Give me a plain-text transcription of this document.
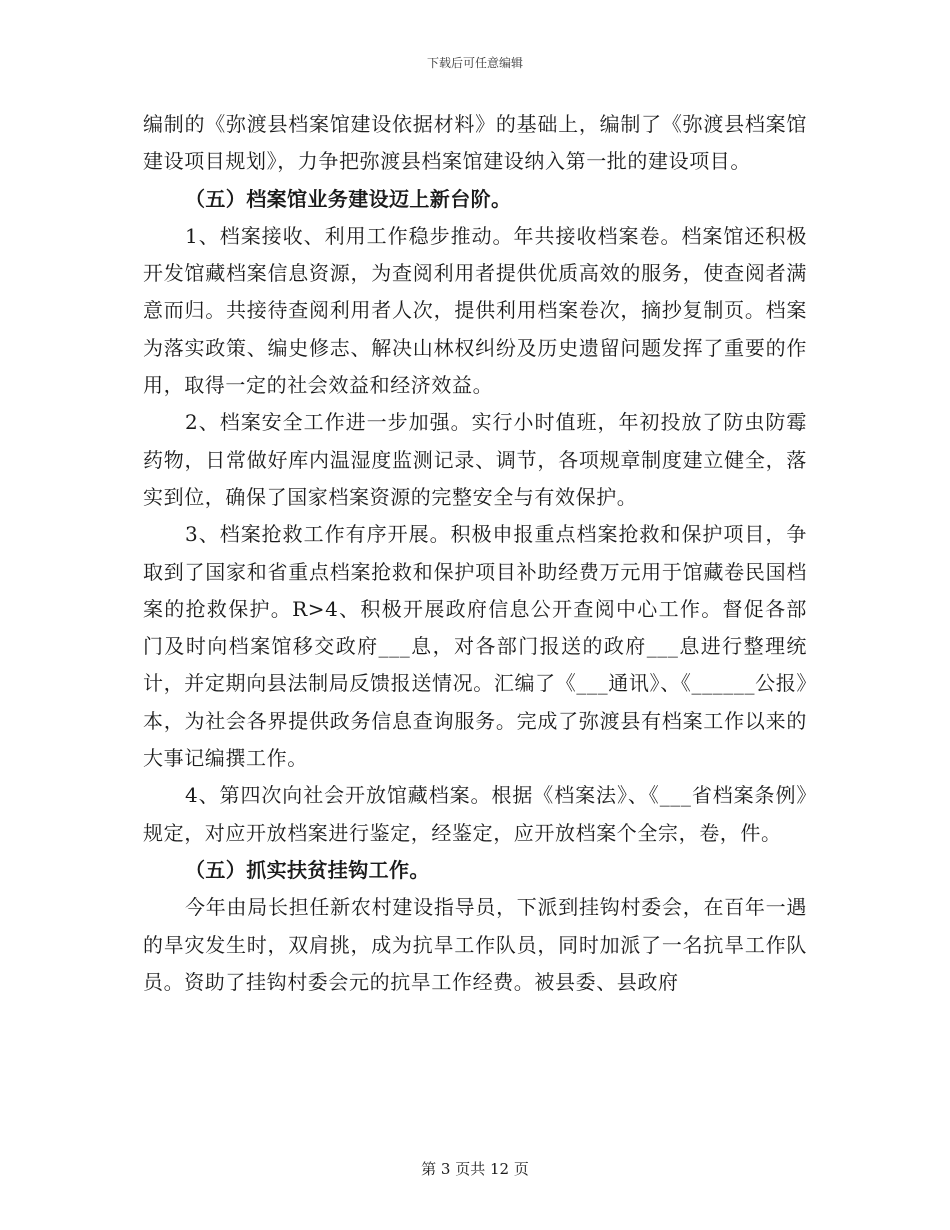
下载后可任意编辑

编制的《弥渡县档案馆建设依据材料》的基础上，编制了《弥渡县档案馆建设项目规划》，力争把弥渡县档案馆建设纳入第一批的建设项目。

（五）档案馆业务建设迈上新台阶。

1、档案接收、利用工作稳步推动。年共接收档案卷。档案馆还积极开发馆藏档案信息资源，为查阅利用者提供优质高效的服务，使查阅者满意而归。共接待查阅利用者人次，提供利用档案卷次，摘抄复制页。档案为落实政策、编史修志、解决山林权纠纷及历史遗留问题发挥了重要的作用，取得一定的社会效益和经济效益。

2、档案安全工作进一步加强。实行小时值班，年初投放了防虫防霉药物，日常做好库内温湿度监测记录、调节，各项规章制度建立健全，落实到位，确保了国家档案资源的完整安全与有效保护。

3、档案抢救工作有序开展。积极申报重点档案抢救和保护项目，争取到了国家和省重点档案抢救和保护项目补助经费万元用于馆藏卷民国档案的抢救保护。R>4、积极开展政府信息公开查阅中心工作。督促各部门及时向档案馆移交政府___息，对各部门报送的政府___息进行整理统计，并定期向县法制局反馈报送情况。汇编了《___通讯》、《______公报》本，为社会各界提供政务信息查询服务。完成了弥渡县有档案工作以来的大事记编撰工作。

4、第四次向社会开放馆藏档案。根据《档案法》、《___省档案条例》规定，对应开放档案进行鉴定，经鉴定，应开放档案个全宗，卷，件。

（五）抓实扶贫挂钩工作。

今年由局长担任新农村建设指导员，下派到挂钩村委会，在百年一遇的旱灾发生时，双肩挑，成为抗旱工作队员，同时加派了一名抗旱工作队员。资助了挂钩村委会元的抗旱工作经费。被县委、县政府

第 3 页共 12 页
